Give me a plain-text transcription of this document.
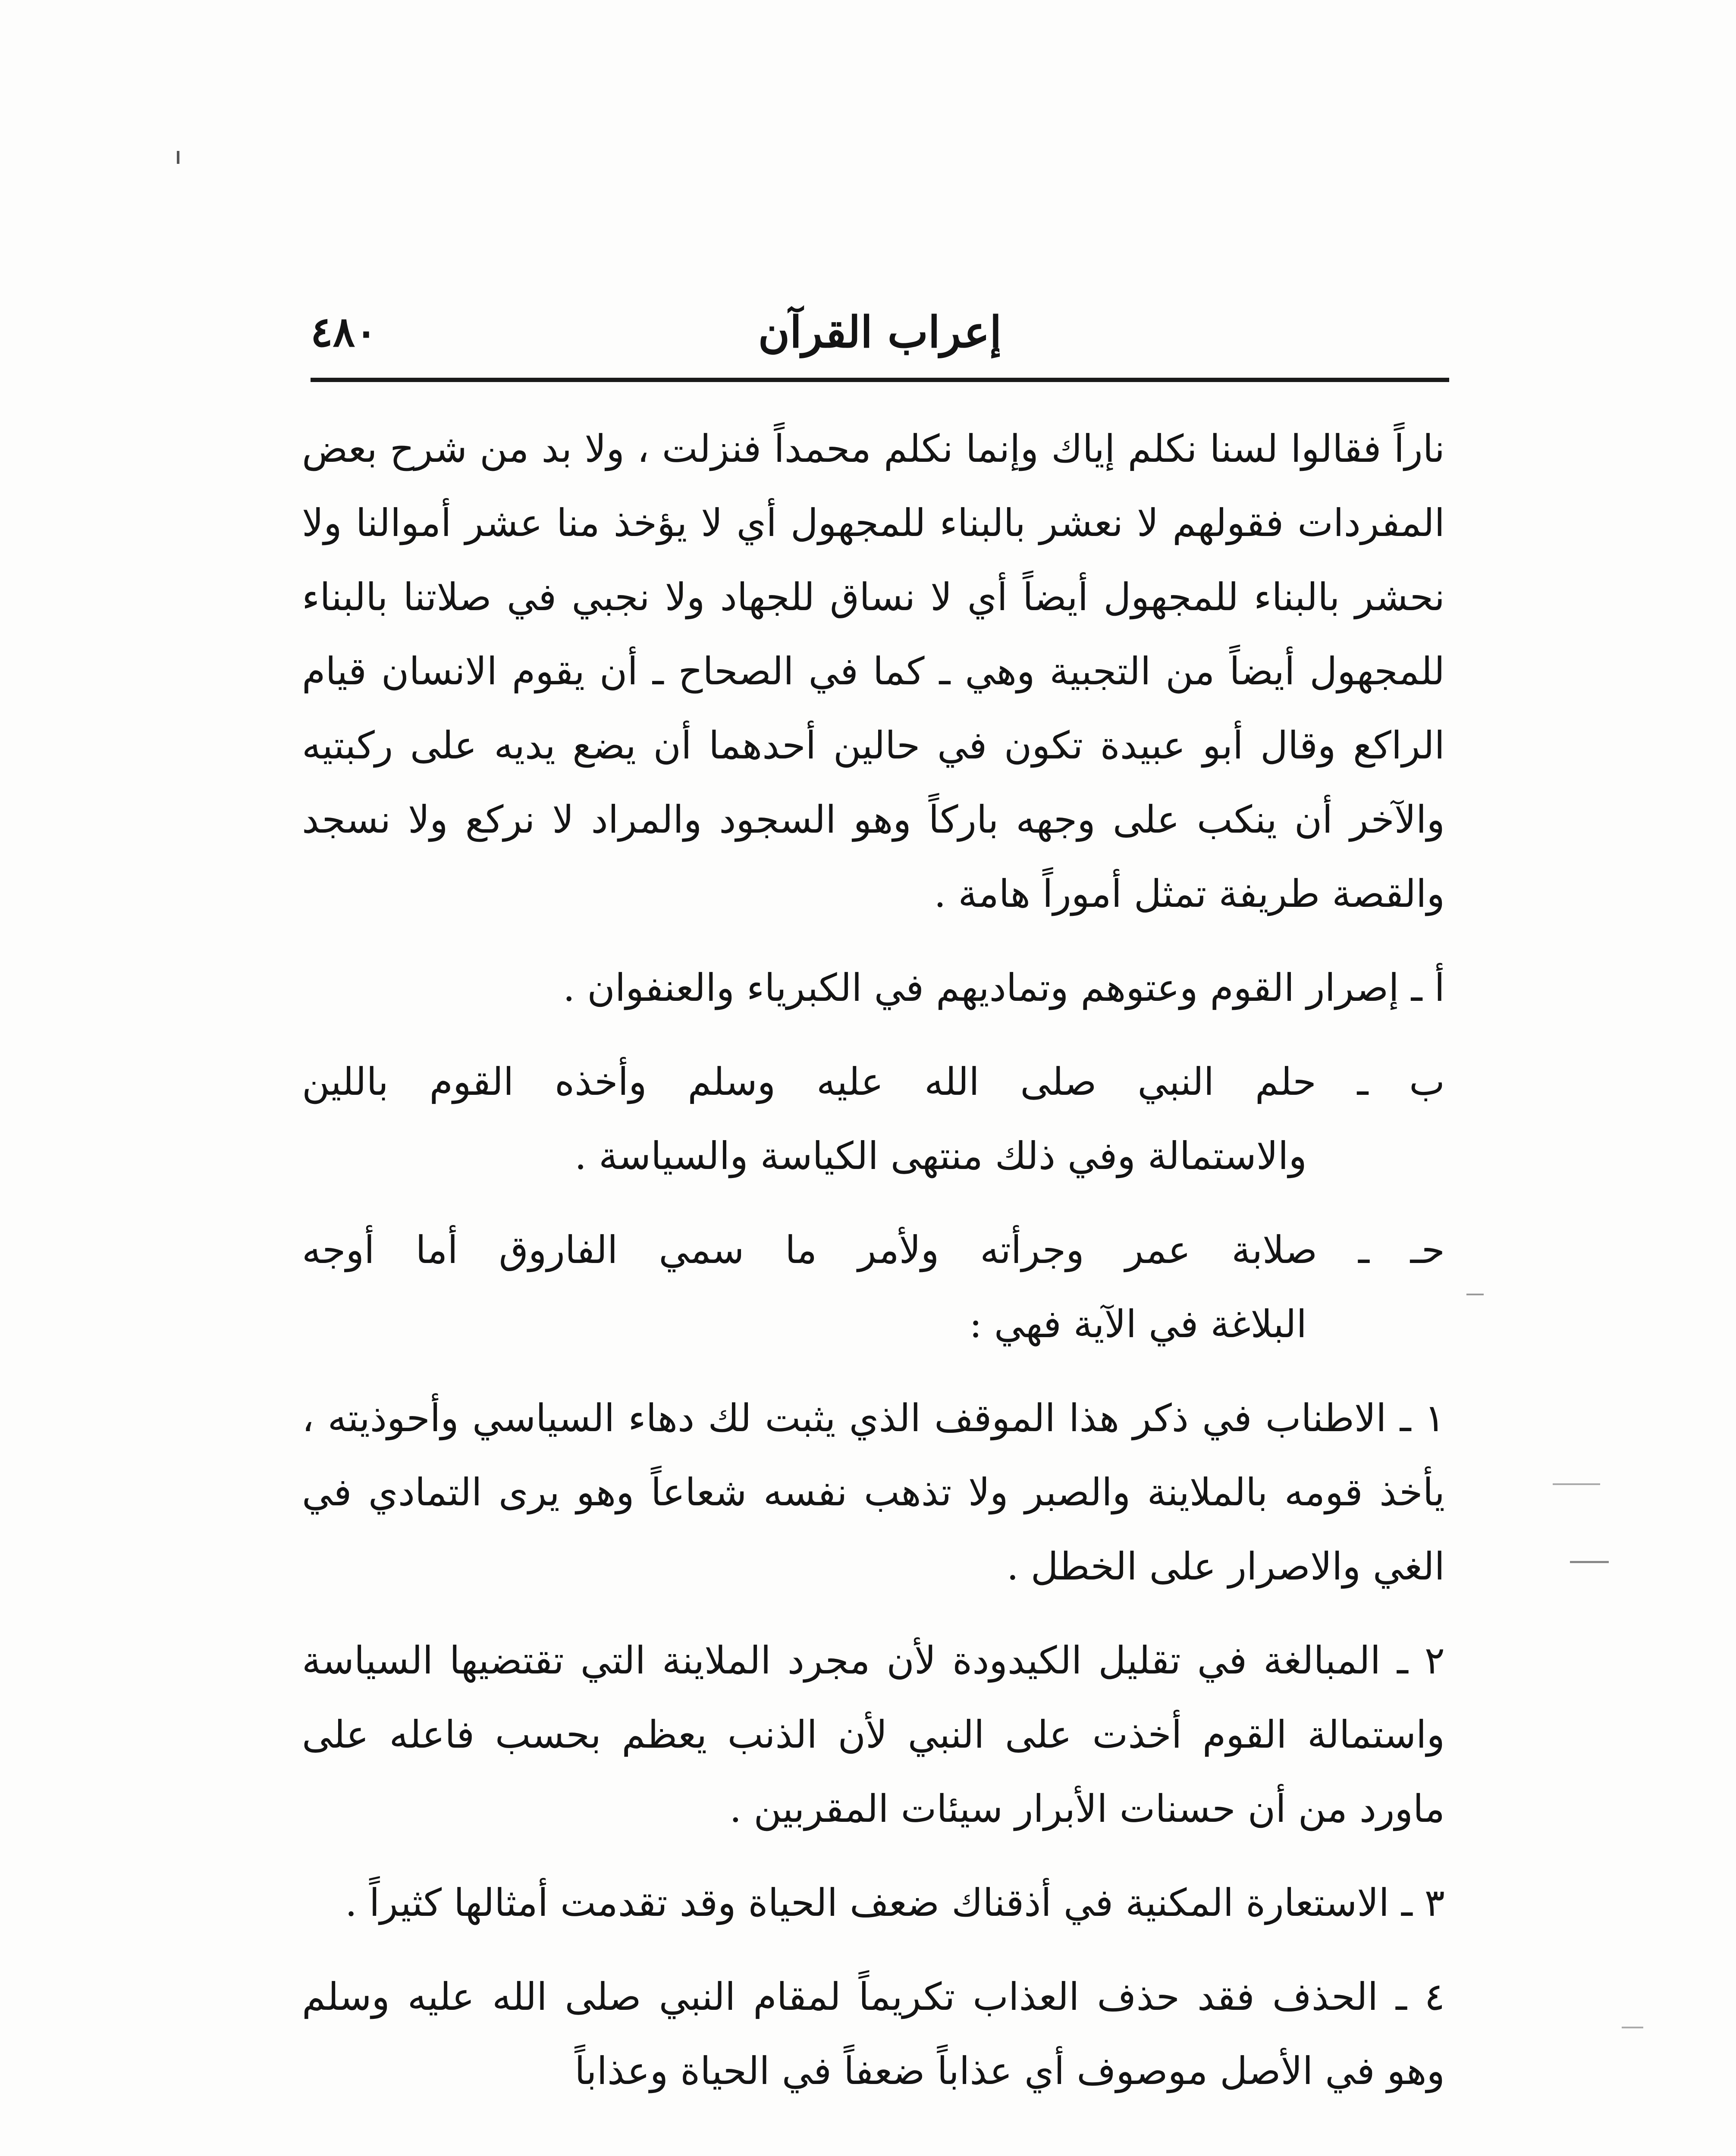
٤٨٠	إعراب القرآن

ناراً فقالوا لسنا نكلم إياك وإنما نكلم محمداً فنزلت ، ولا بد من شرح بعض المفردات فقولهم لا نعشر بالبناء للمجهول أي لا يؤخذ منا عشر أموالنا ولا نحشر بالبناء للمجهول أيضاً أي لا نساق للجهاد ولا نجبي في صلاتنا بالبناء للمجهول أيضاً من التجبية وهي ـ كما في الصحاح ـ أن يقوم الانسان قيام الراكع وقال أبو عبيدة تكون في حالين أحدهما أن يضع يديه على ركبتيه والآخر أن ينكب على وجهه باركاً وهو السجود والمراد لا نركع ولا نسجد والقصة طريفة تمثل أموراً هامة .

أ ـ إصرار القوم وعتوهم وتماديهم في الكبرياء والعنفوان .

ب ـ حلم النبي صلى الله عليه وسلم وأخذه القوم باللين

والاستمالة وفي ذلك منتهى الكياسة والسياسة .

حـ ـ صلابة عمر وجرأته ولأمر ما سمي الفاروق أما أوجه

البلاغة في الآية فهي :

١ ـ الاطناب في ذكر هذا الموقف الذي يثبت لك دهاء السياسي وأحوذيته ، يأخذ قومه بالملاينة والصبر ولا تذهب نفسه شعاعاً وهو يرى التمادي في الغي والاصرار على الخطل .

٢ ـ المبالغة في تقليل الكيدودة لأن مجرد الملاينة التي تقتضيها السياسة واستمالة القوم أخذت على النبي لأن الذنب يعظم بحسب فاعله على ماورد من أن حسنات الأبرار سيئات المقربين .

٣ ـ الاستعارة المكنية في أذقناك ضعف الحياة وقد تقدمت أمثالها كثيراً .

٤ ـ الحذف فقد حذف العذاب تكريماً لمقام النبي صلى الله عليه وسلم وهو في الأصل موصوف أي عذاباً ضعفاً في الحياة وعذاباً
